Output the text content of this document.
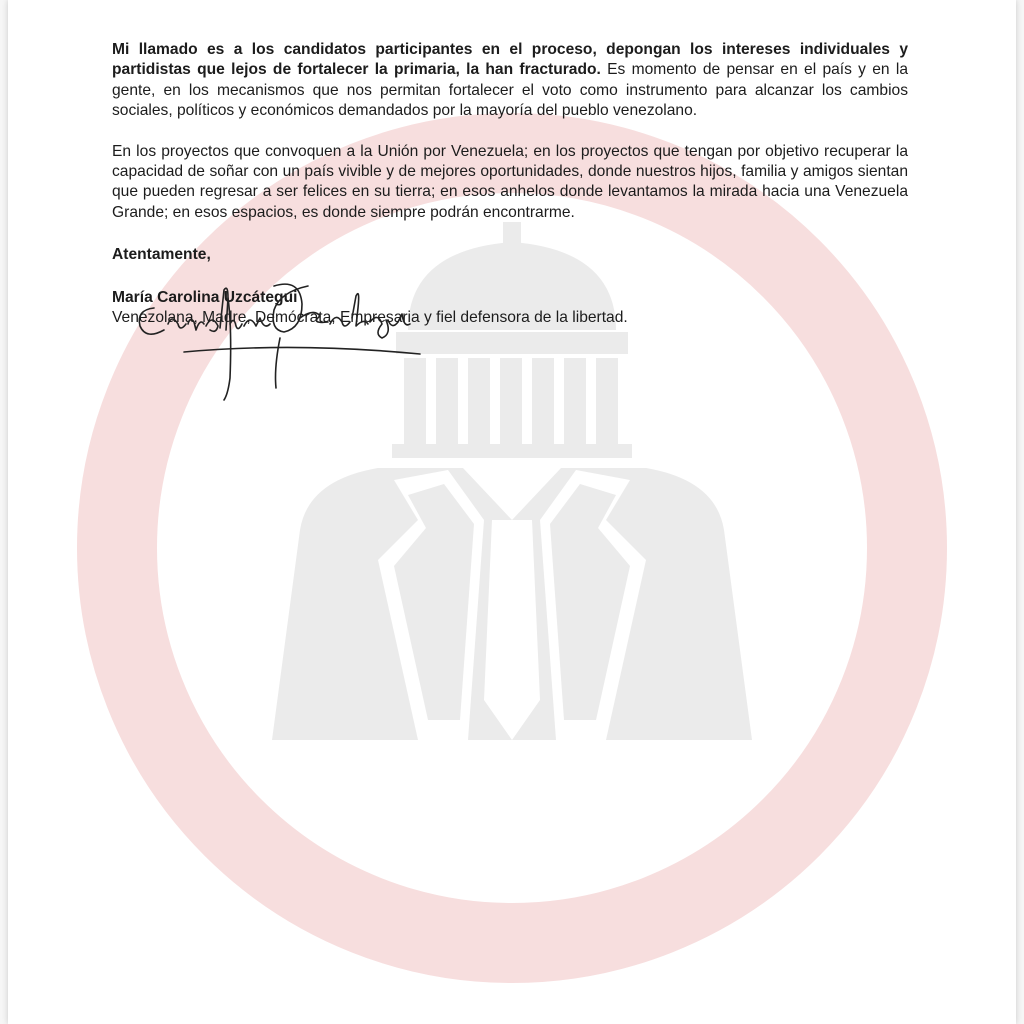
Mi llamado es a los candidatos participantes en el proceso, depongan los intereses individuales y partidistas que lejos de fortalecer la primaria, la han fracturado. Es momento de pensar en el país y en la gente, en los mecanismos que nos permitan fortalecer el voto como instrumento para alcanzar los cambios sociales, políticos y económicos demandados por la mayoría del pueblo venezolano.

En los proyectos que convoquen a la Unión por Venezuela; en los proyectos que tengan por objetivo recuperar la capacidad de soñar con un país vivible y de mejores oportunidades, donde nuestros hijos, familia y amigos sientan que pueden regresar a ser felices en su tierra; en esos anhelos donde levantamos la mirada hacia una Venezuela Grande; en esos espacios, es donde siempre podrán encontrarme.

Atentamente,
María Carolina Uzcátegui
Venezolana, Madre, Demócrata, Empresaria y fiel defensora de la libertad.
